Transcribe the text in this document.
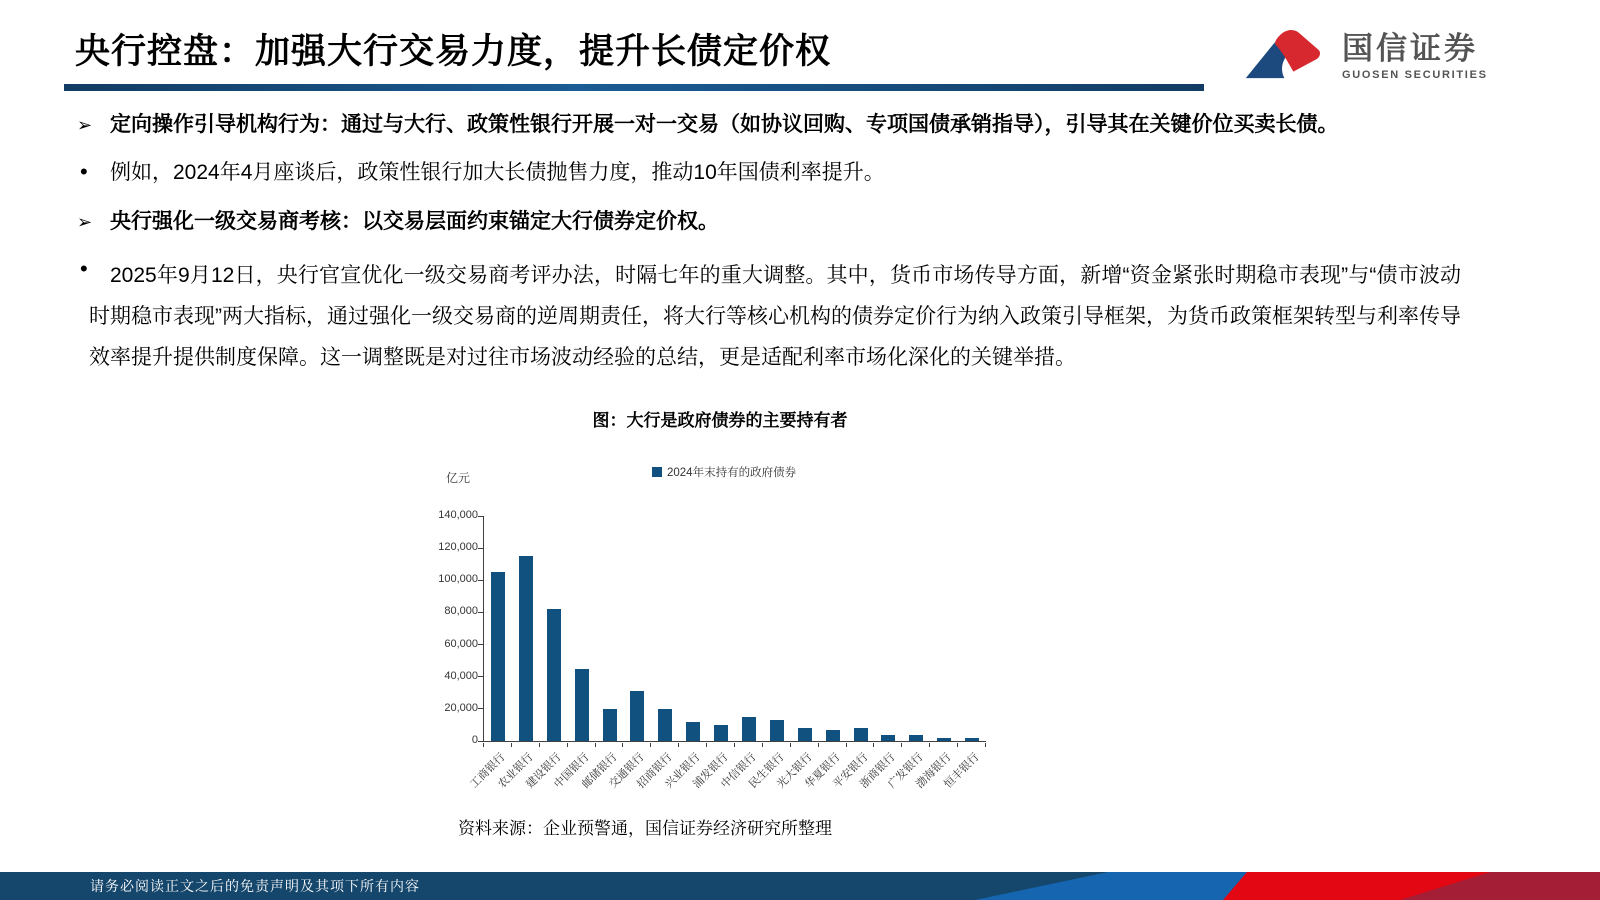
央行控盘：加强大行交易力度，提升长债定价权	国信证券
GUOSEN SECURITIES
➢ 定向操作引导机构行为：通过与大行、政策性银行开展一对一交易（如协议回购、专项国债承销指导），引导其在关键价位买卖长债。
• 例如，2024年4月座谈后，政策性银行加大长债抛售力度，推动10年国债利率提升。
➢ 央行强化一级交易商考核：以交易层面约束锚定大行债券定价权。
•	2025年9月12日，央行官宣优化一级交易商考评办法，时隔七年的重大调整。其中，货币市场传导方面，新增“资金紧张时期稳市表现”与“债市波动时期稳市表现”两大指标，通过强化一级交易商的逆周期责任，将大行等核心机构的债券定价行为纳入政策引导框架，为货币政策框架转型与利率传导效率提升提供制度保障。这一调整既是对过往市场波动经验的总结，更是适配利率市场化深化的关键举措。
图：大行是政府债券的主要持有者
亿元	2024年末持有的政府债券
0
20,000
40,000
60,000
80,000
100,000
120,000
140,000
工商银行
农业银行
建设银行
中国银行
邮储银行
交通银行
招商银行
兴业银行
浦发银行
中信银行
民生银行
光大银行
华夏银行
平安银行
浙商银行
广发银行
渤海银行
恒丰银行
资料来源：企业预警通，国信证券经济研究所整理
请务必阅读正文之后的免责声明及其项下所有内容
